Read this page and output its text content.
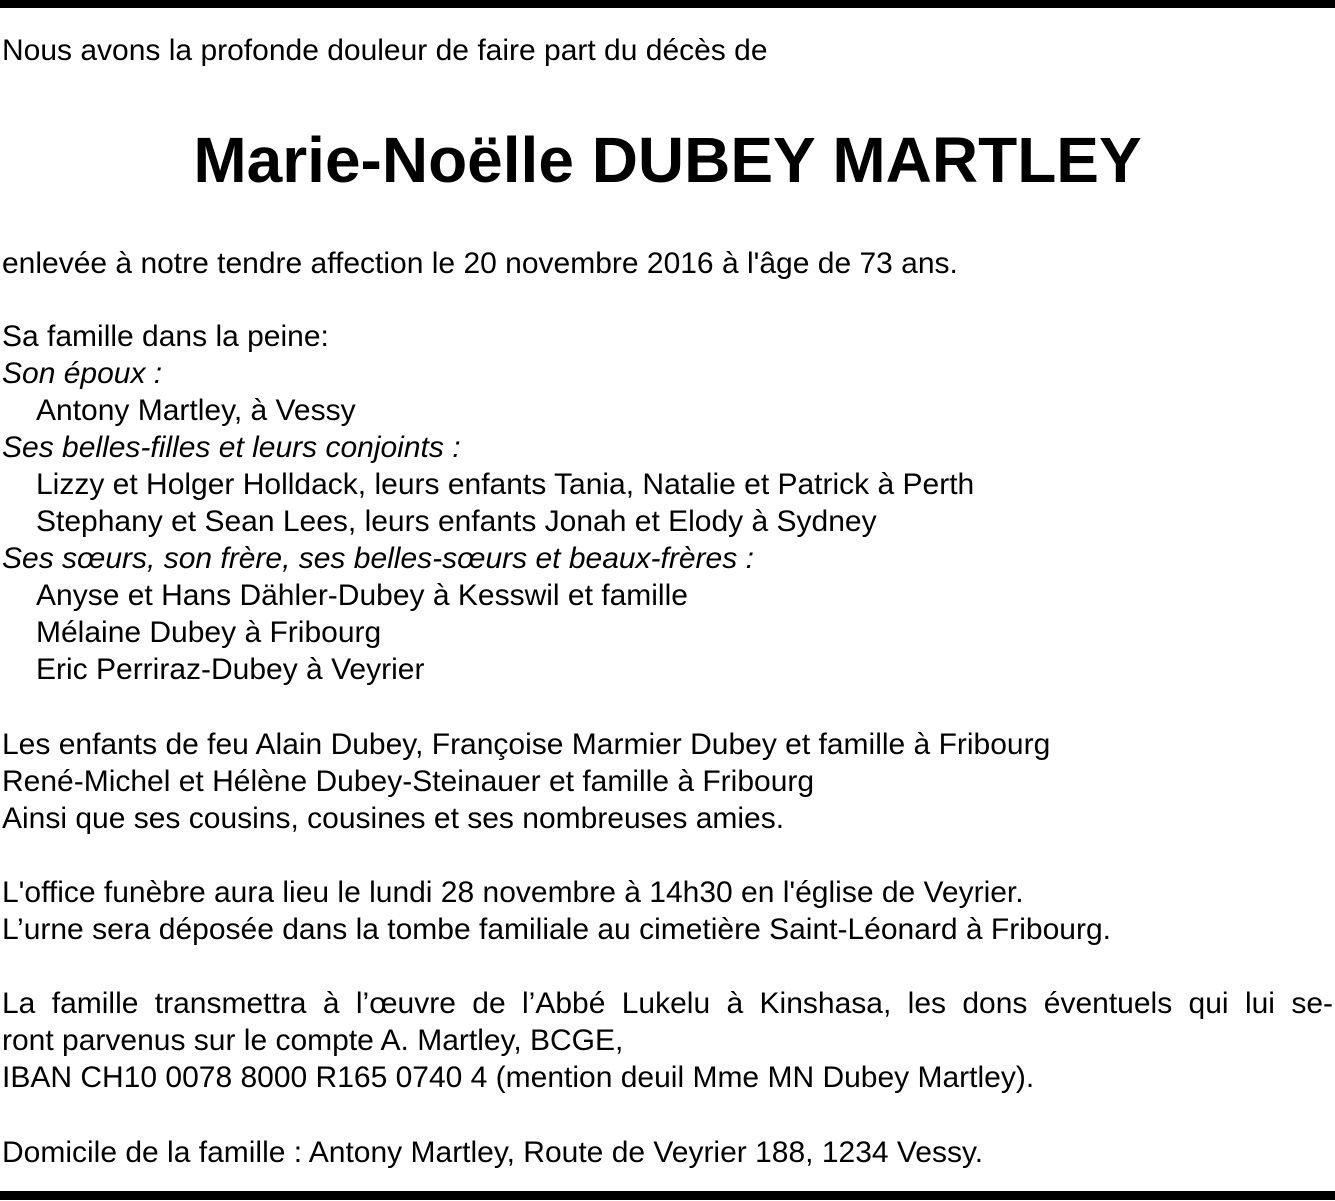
Nous avons la profonde douleur de faire part du décès de
Marie-Noëlle DUBEY MARTLEY
enlevée à notre tendre affection le 20 novembre 2016 à l'âge de 73 ans.
Sa famille dans la peine:
Son époux :
Antony Martley, à Vessy
Ses belles-filles et leurs conjoints :
Lizzy et Holger Holldack, leurs enfants Tania, Natalie et Patrick à Perth
Stephany et Sean Lees, leurs enfants Jonah et Elody à Sydney
Ses sœurs, son frère, ses belles-sœurs et beaux-frères :
Anyse et Hans Dähler-Dubey à Kesswil et famille
Mélaine Dubey à Fribourg
Eric Perriraz-Dubey à Veyrier
Les enfants de feu Alain Dubey, Françoise Marmier Dubey et famille à Fribourg
René-Michel et Hélène Dubey-Steinauer et famille à Fribourg
Ainsi que ses cousins, cousines et ses nombreuses amies.
L'office funèbre aura lieu le lundi 28 novembre à 14h30 en l'église de Veyrier.
L’urne sera déposée dans la tombe familiale au cimetière Saint-Léonard à Fribourg.
La famille transmettra à l’œuvre de l’Abbé Lukelu à Kinshasa, les dons éventuels qui lui se-
ront parvenus sur le compte A. Martley, BCGE,
IBAN CH10 0078 8000 R165 0740 4 (mention deuil Mme MN Dubey Martley).
Domicile de la famille : Antony Martley, Route de Veyrier 188, 1234 Vessy.
